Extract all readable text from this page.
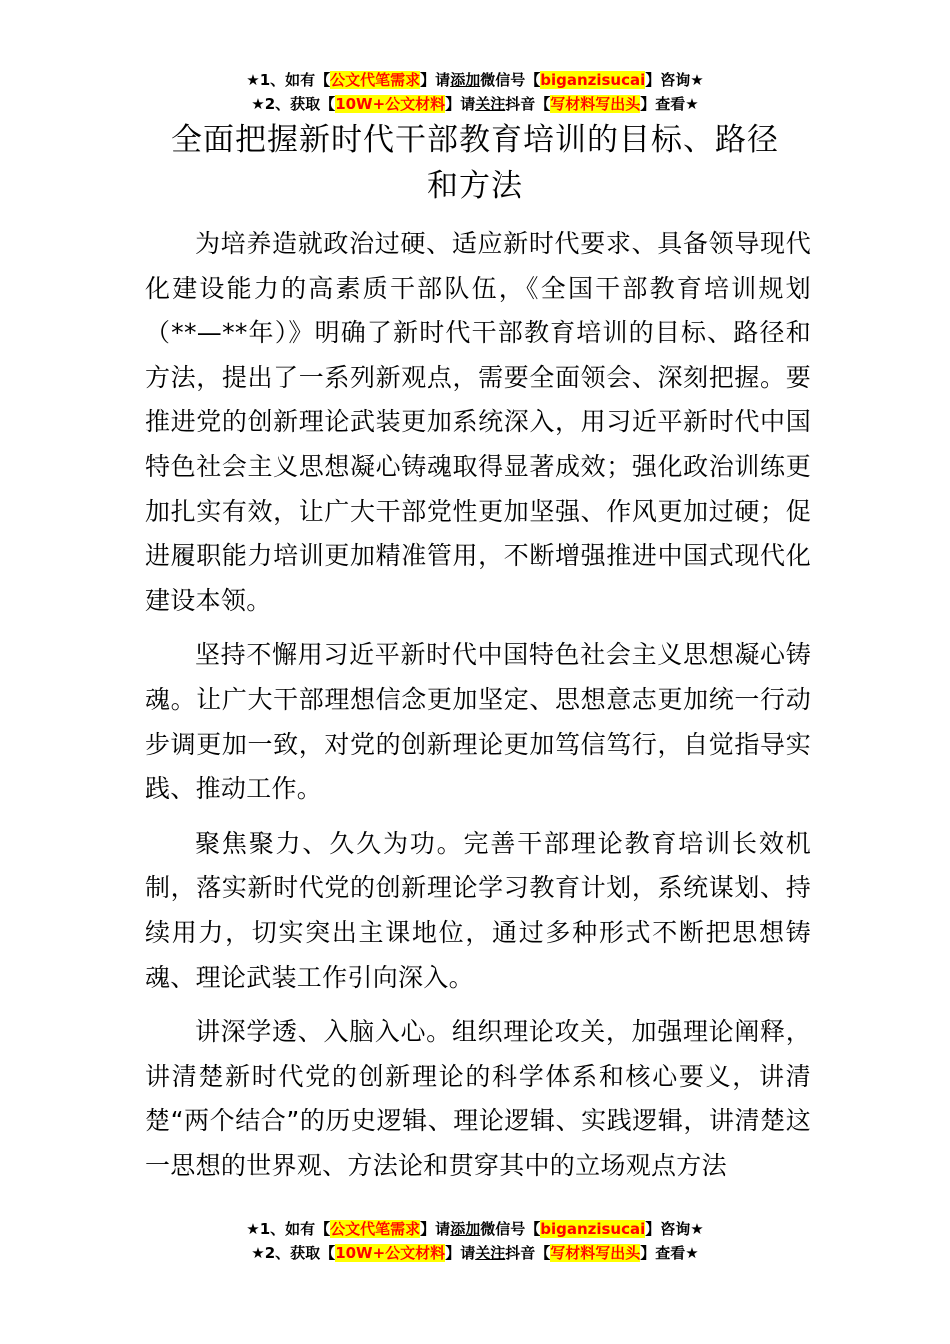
★1、如有【公文代笔需求】请添加微信号【biganzisucai】咨询★
★2、获取【10W+公文材料】请关注抖音【写材料写出头】查看★
全面把握新时代干部教育培训的目标、路径
和方法

为培养造就政治过硬、适应新时代要求、具备领导现代化建设能力的高素质干部队伍，《全国干部教育培训规划（**—**年）》明确了新时代干部教育培训的目标、路径和方法，提出了一系列新观点，需要全面领会、深刻把握。要推进党的创新理论武装更加系统深入，用习近平新时代中国特色社会主义思想凝心铸魂取得显著成效；强化政治训练更加扎实有效，让广大干部党性更加坚强、作风更加过硬；促进履职能力培训更加精准管用，不断增强推进中国式现代化建设本领。

坚持不懈用习近平新时代中国特色社会主义思想凝心铸魂。让广大干部理想信念更加坚定、思想意志更加统一行动步调更加一致，对党的创新理论更加笃信笃行，自觉指导实践、推动工作。

聚焦聚力、久久为功。完善干部理论教育培训长效机制，落实新时代党的创新理论学习教育计划，系统谋划、持续用力，切实突出主课地位，通过多种形式不断把思想铸魂、理论武装工作引向深入。

讲深学透、入脑入心。组织理论攻关，加强理论阐释，讲清楚新时代党的创新理论的科学体系和核心要义，讲清楚“两个结合”的历史逻辑、理论逻辑、实践逻辑，讲清楚这一思想的世界观、方法论和贯穿其中的立场观点方法

★1、如有【公文代笔需求】请添加微信号【biganzisucai】咨询★
★2、获取【10W+公文材料】请关注抖音【写材料写出头】查看★
